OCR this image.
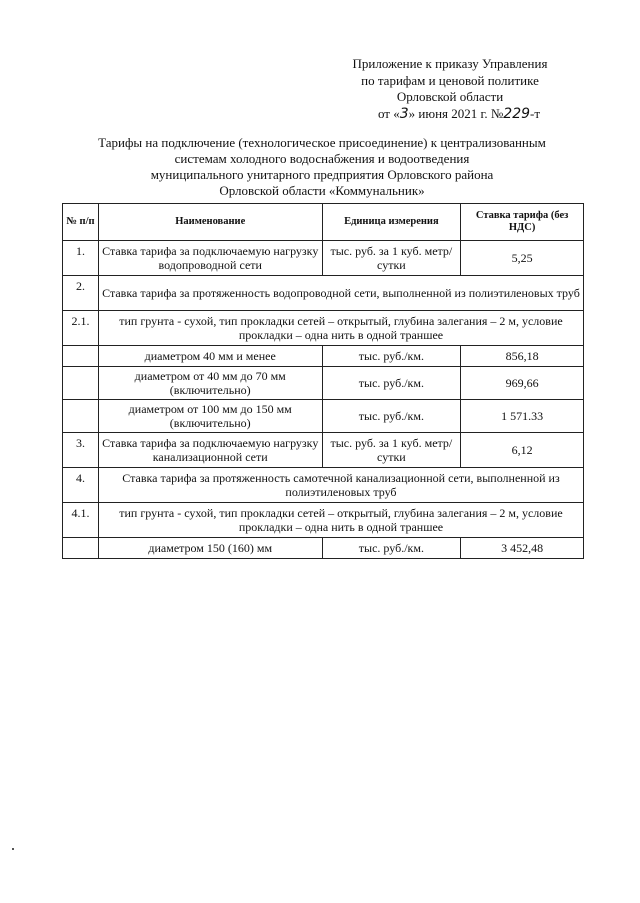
Приложение к приказу Управления
по тарифам и ценовой политике
Орловской области
от «3» июня 2021 г. №229-т
Тарифы на подключение (технологическое присоединение) к централизованным
системам холодного водоснабжения и водоотведения
муниципального унитарного предприятия Орловского района
Орловской области «Коммунальник»
№ п/п	Наименование	Единица измерения	Ставка тарифа (без НДС)
1.	Ставка тарифа за подключаемую нагрузку водопроводной сети	тыс. руб. за 1 куб. метр/сутки	5,25
2.	Ставка тарифа за протяженность водопроводной сети, выполненной из полиэтиленовых труб		
2.1.	тип грунта - сухой, тип прокладки сетей – открытый, глубина залегания – 2 м, условие прокладки – одна нить в одной траншее		
	диаметром 40 мм и менее	тыс. руб./км.	856,18
	диаметром от 40 мм до 70 мм (включительно)	тыс. руб./км.	969,66
	диаметром от 100 мм до 150 мм (включительно)	тыс. руб./км.	1 571.33
3.	Ставка тарифа за подключаемую нагрузку канализационной сети	тыс. руб. за 1 куб. метр/сутки	6,12
4.	Ставка тарифа за протяженность самотечной канализационной сети, выполненной из полиэтиленовых труб		
4.1.	тип грунта - сухой, тип прокладки сетей – открытый, глубина залегания – 2 м, условие прокладки – одна нить в одной траншее		
	диаметром 150 (160) мм	тыс. руб./км.	3 452,48
